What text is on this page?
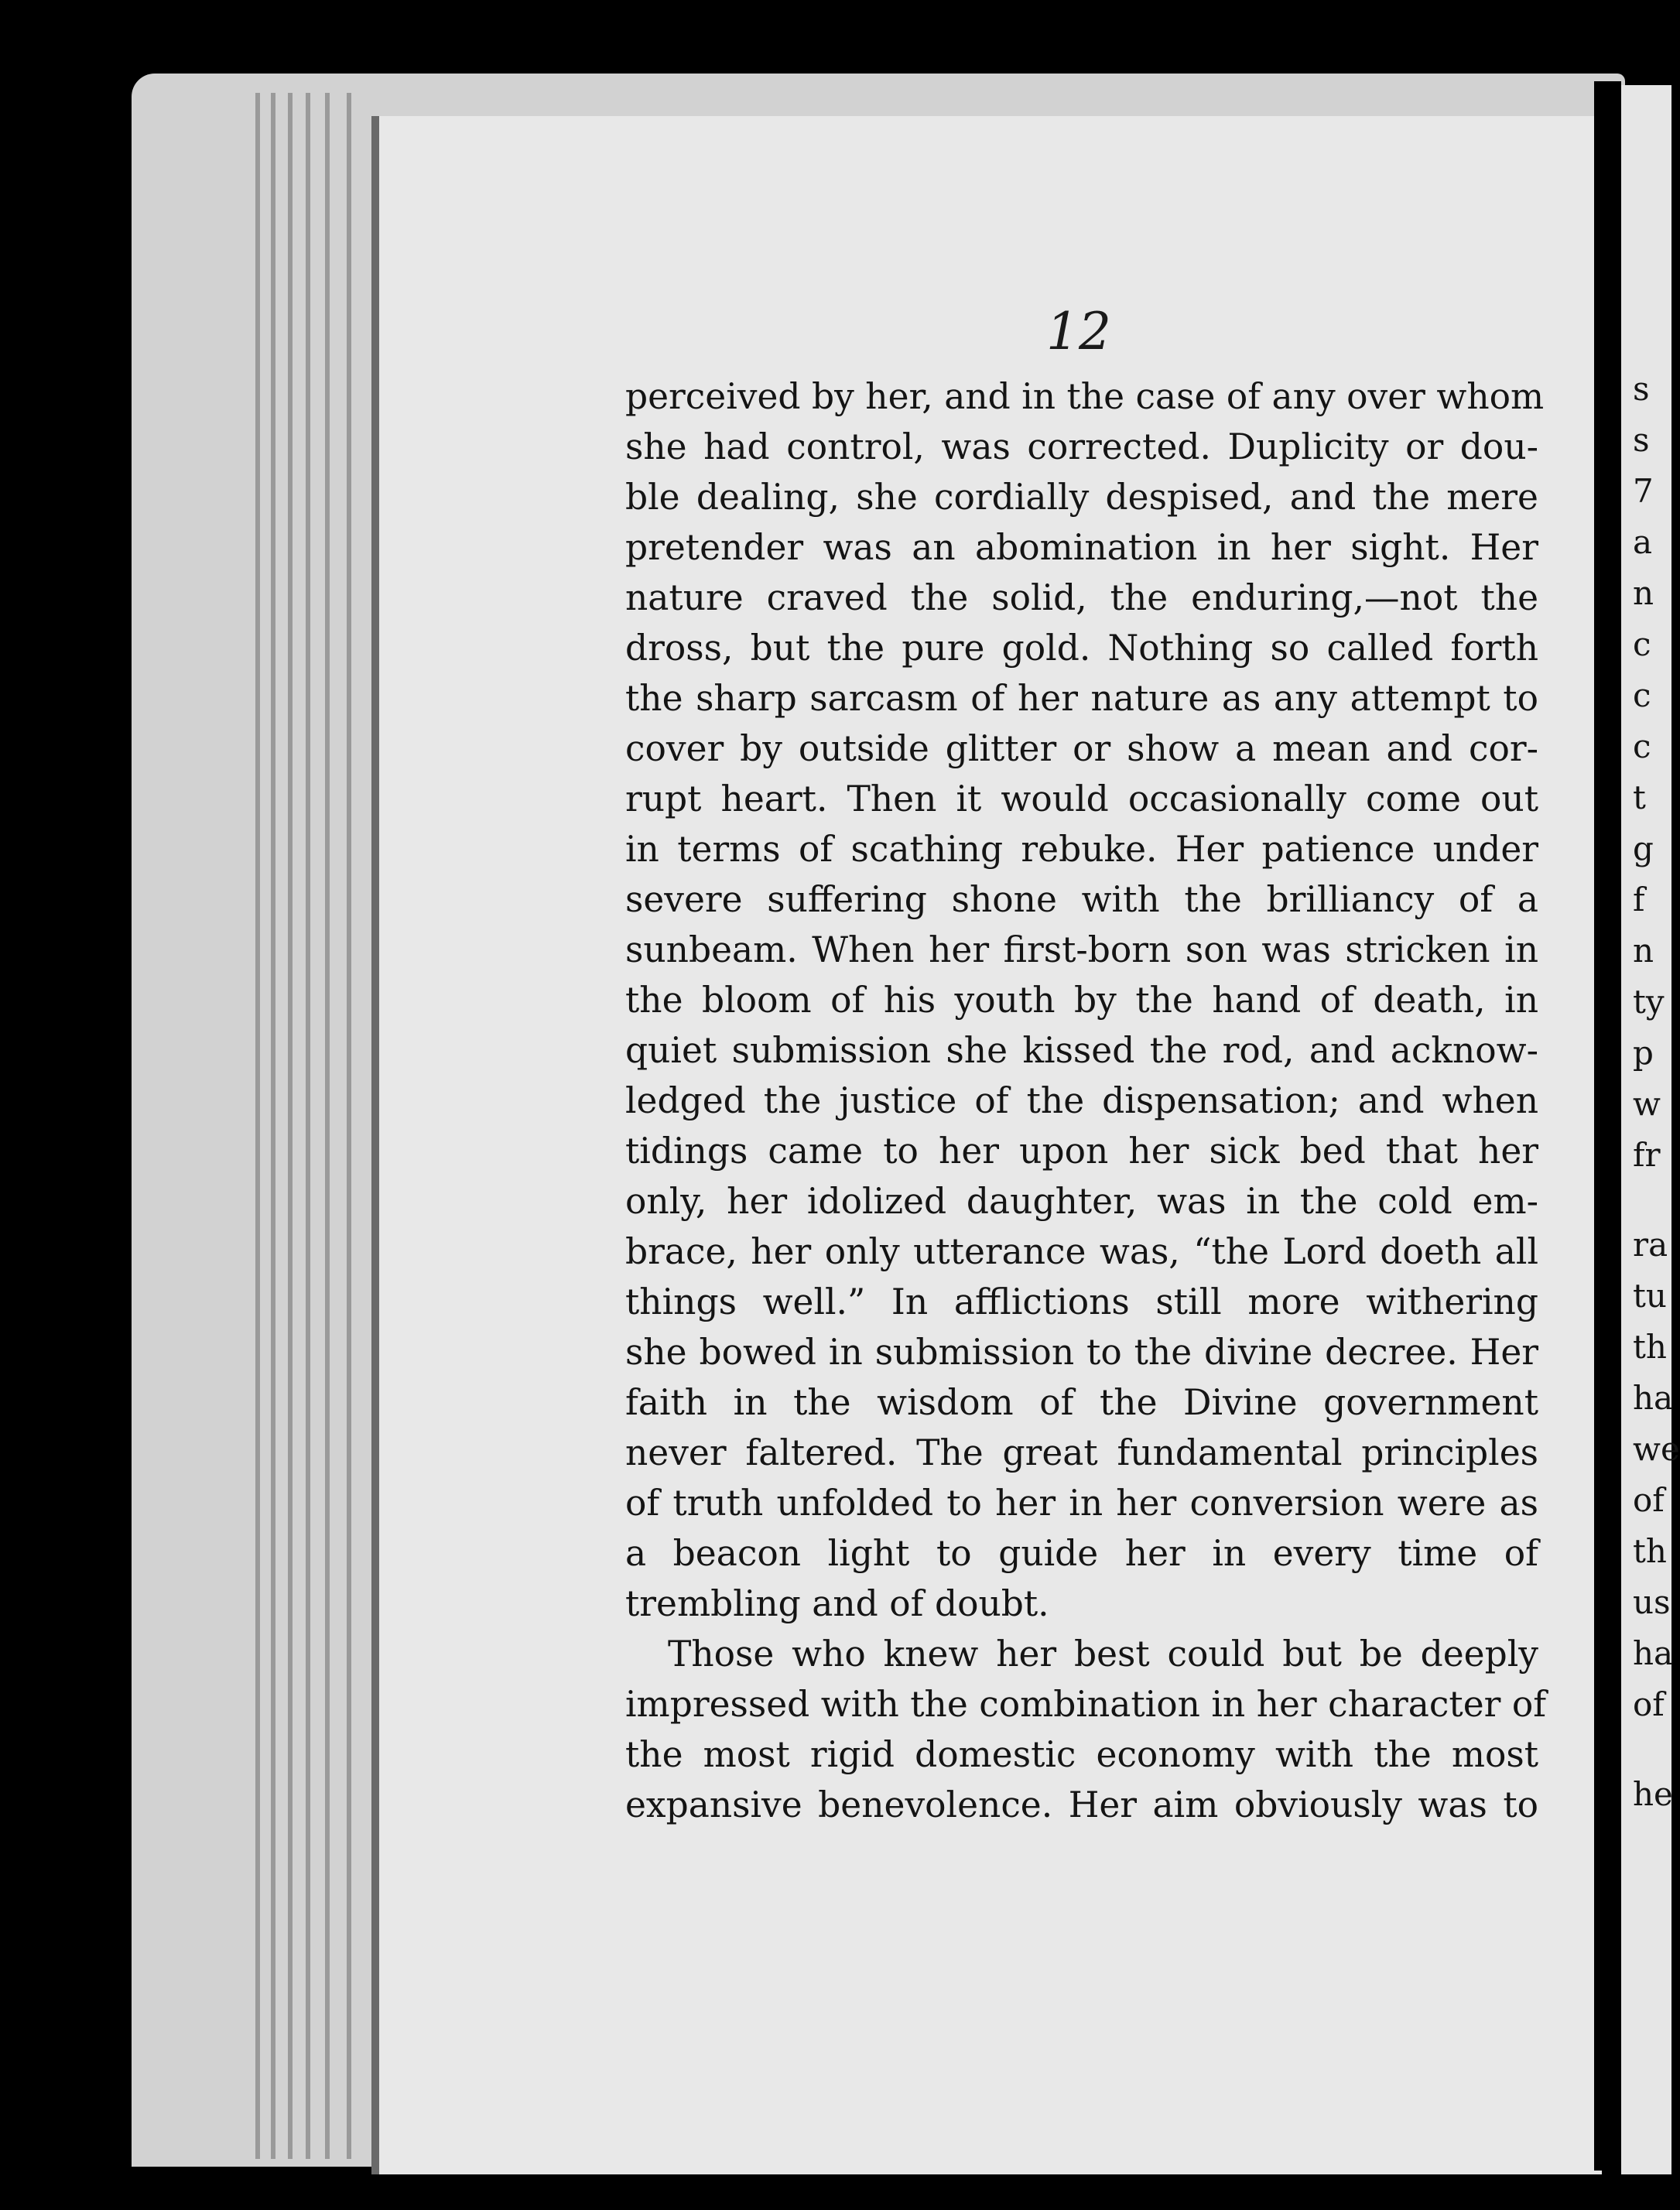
12
perceived by her, and in the case of any over whom
she had control, was corrected. Duplicity or dou-
ble dealing, she cordially despised, and the mere
pretender was an abomination in her sight. Her
nature craved the solid, the enduring,—not the
dross, but the pure gold. Nothing so called forth
the sharp sarcasm of her nature as any attempt to
cover by outside glitter or show a mean and cor-
rupt heart. Then it would occasionally come out
in terms of scathing rebuke. Her patience under
severe suffering shone with the brilliancy of a
sunbeam. When her first-born son was stricken in
the bloom of his youth by the hand of death, in
quiet submission she kissed the rod, and acknow-
ledged the justice of the dispensation; and when
tidings came to her upon her sick bed that her
only, her idolized daughter, was in the cold em-
brace, her only utterance was, “the Lord doeth all
things well.” In afflictions still more withering
she bowed in submission to the divine decree. Her
faith in the wisdom of the Divine government
never faltered. The great fundamental principles
of truth unfolded to her in her conversion were as
a beacon light to guide her in every time of
trembling and of doubt.
Those who knew her best could but be deeply
impressed with the combination in her character of
the most rigid domestic economy with the most
expansive benevolence. Her aim obviously was to
s
s
7
a
n
c
c
c
t
g
f
n
ty
p
w
fr
ra
tu
th
ha
we
of
th
us
ha
of
he
